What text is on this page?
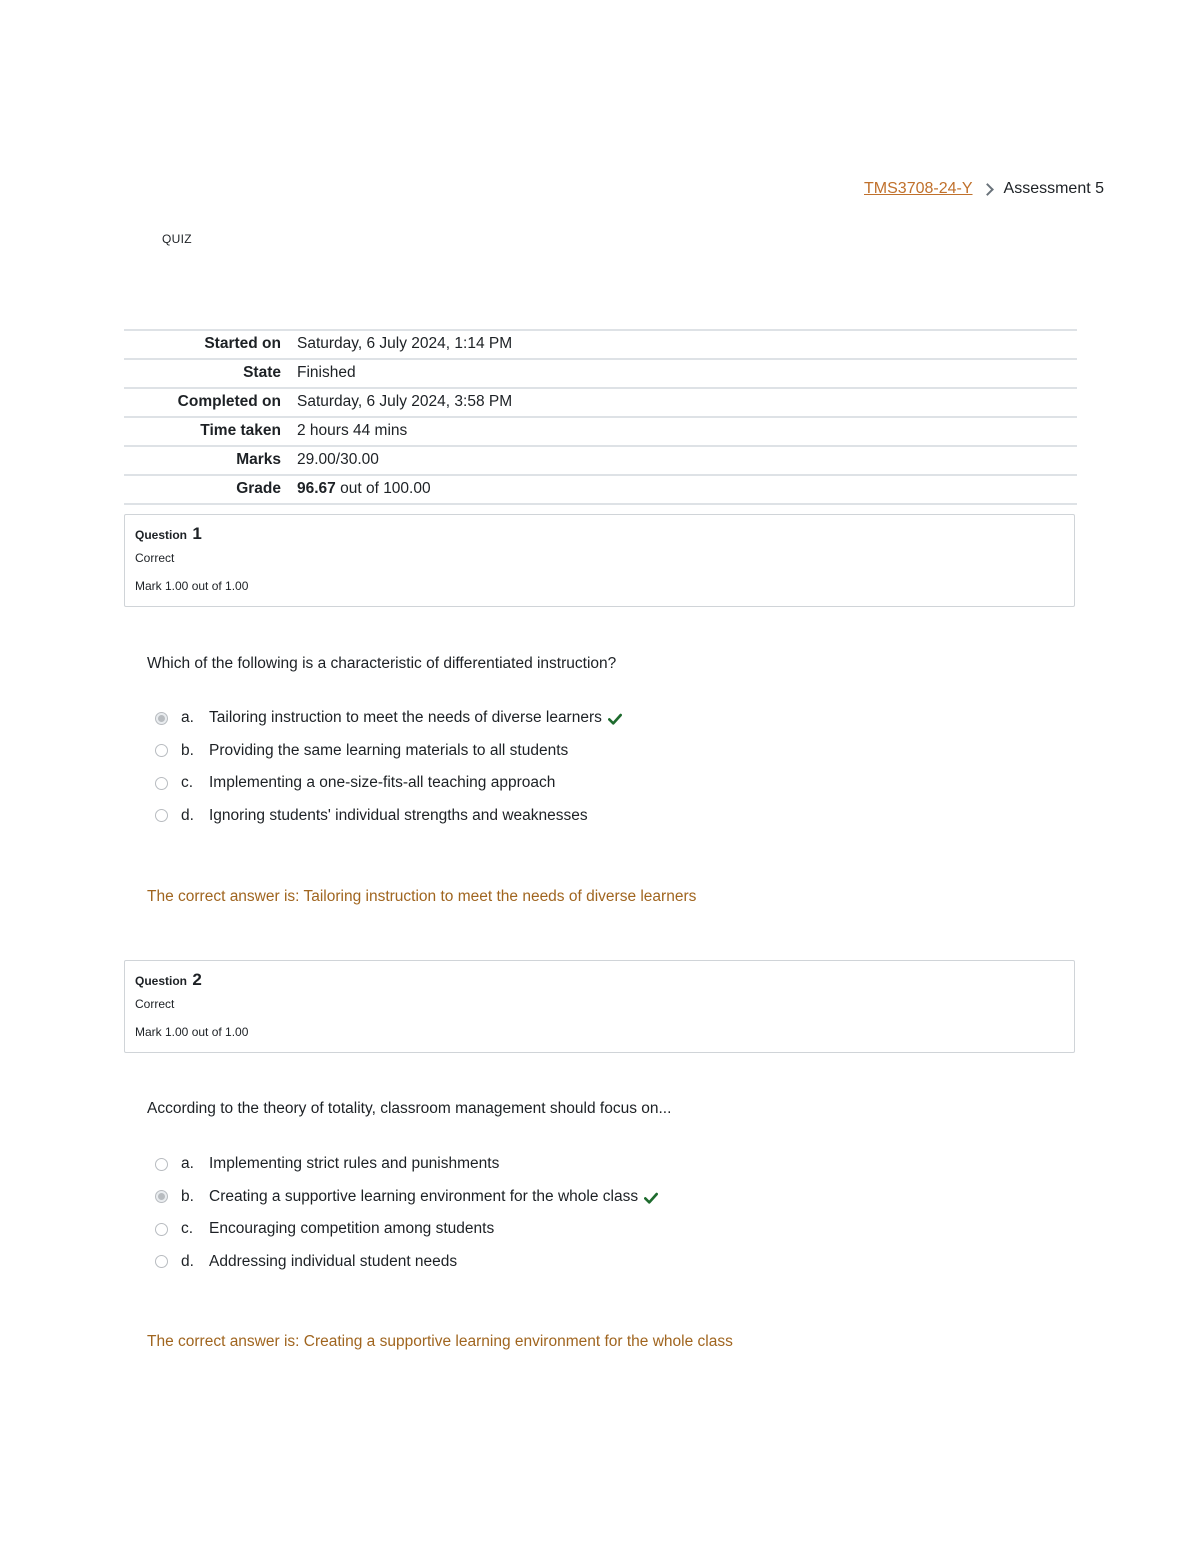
TMS3708-24-Y Assessment 5
QUIZ
Started on	Saturday, 6 July 2024, 1:14 PM
State	Finished
Completed on	Saturday, 6 July 2024, 3:58 PM
Time taken	2 hours 44 mins
Marks	29.00/30.00
Grade	96.67 out of 100.00
Question 1
Correct
Mark 1.00 out of 1.00
Which of the following is a characteristic of differentiated instruction?
a. Tailoring instruction to meet the needs of diverse learners
b. Providing the same learning materials to all students
c.	Implementing a one-size-fits-all teaching approach
d. Ignoring students' individual strengths and weaknesses
The correct answer is: Tailoring instruction to meet the needs of diverse learners
Question 2
Correct
Mark 1.00 out of 1.00
According to the theory of totality, classroom management should focus on...
a. Implementing strict rules and punishments
b. Creating a supportive learning environment for the whole class
c.	Encouraging competition among students
d. Addressing individual student needs
The correct answer is: Creating a supportive learning environment for the whole class
